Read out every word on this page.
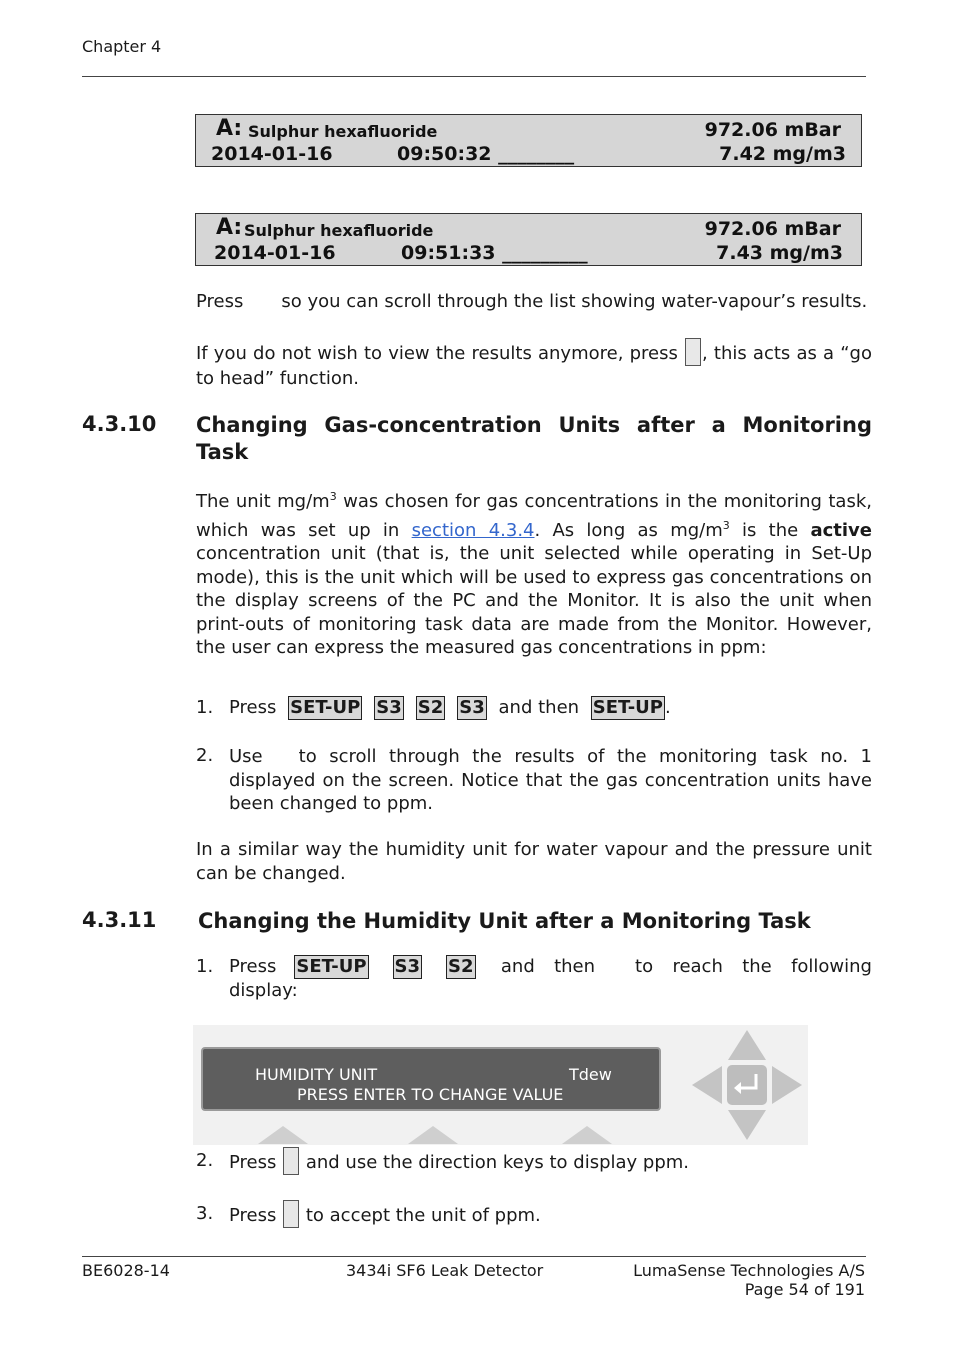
Chapter 4
A: Sulphur hexafluoride	972.06 mBar
2014-01-16	09:50:32 ________	7.42 mg/m3
A: Sulphur hexafluoride	972.06 mBar
2014-01-16	09:51:33 _________	7.43 mg/m3
Press so you can scroll through the list showing water-vapour’s results.
If you do not wish to view the results anymore, press , this acts as a “go to head” function.
4.3.10 Changing Gas-concentration Units after a Monitoring Task
The unit $mg/m^3$ was chosen for gas concentrations in the monitoring task, which was set up in section 4.3.4. As long as $mg/m^3$ is the active concentration unit (that is, the unit selected while operating in Set-Up mode), this is the unit which will be used to express gas concentrations on the display screens of the PC and the Monitor. It is also the unit when print-outs of monitoring task data are made from the Monitor. However, the user can express the measured gas concentrations in ppm:
1. Press SET-UP S3 S2 S3 and then SET-UP .
2. Use to scroll through the results of the monitoring task no. 1 displayed on the screen. Notice that the gas concentration units have been changed to ppm.
In a similar way the humidity unit for water vapour and the pressure unit can be changed.
4.3.11 Changing the Humidity Unit after a Monitoring Task
1. Press SET-UP S3 S2 and then to reach the following display:
HUMIDITY UNIT	Tdew
PRESS ENTER TO CHANGE VALUE
2. Press and use the direction keys to display ppm.
3. Press to accept the unit of ppm.
BE6028-14	3434i SF6 Leak Detector	LumaSense Technologies A/S
Page 54 of 191
